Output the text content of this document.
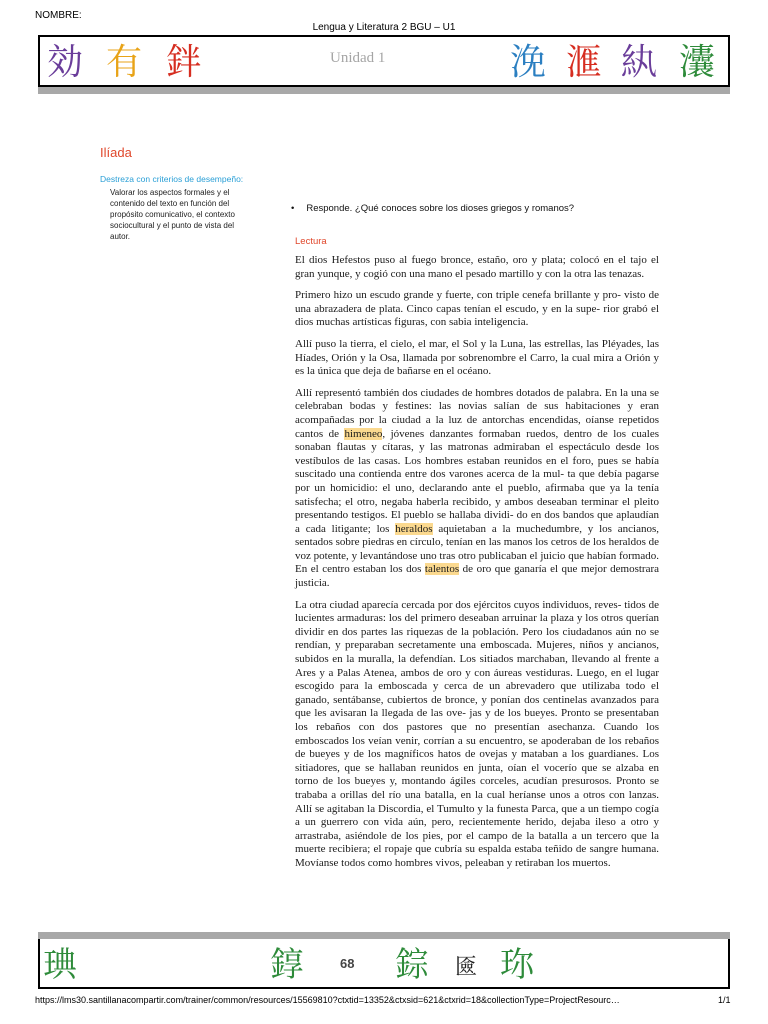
NOMBRE:
Lengua y Literatura 2 BGU – U1
効 有 鉡	Unidad 1	浼 滙 紈 灢
Ilíada
Destreza con criterios de desempeño:
Valorar los aspectos formales y el contenido del texto en función del propósito comunicativo, el contexto sociocultural y el punto de vista del autor.
• Responde. ¿Qué conoces sobre los dioses griegos y romanos?
Lectura

El dios Hefestos puso al fuego bronce, estaño, oro y plata; colocó en el tajo el gran yunque, y cogió con una mano el pesado martillo y con la otra las tenazas.

Primero hizo un escudo grande y fuerte, con triple cenefa brillante y pro- visto de una abrazadera de plata. Cinco capas tenían el escudo, y en la supe- rior grabó el dios muchas artísticas figuras, con sabia inteligencia.

Allí puso la tierra, el cielo, el mar, el Sol y la Luna, las estrellas, las Pléyades, las Híades, Orión y la Osa, llamada por sobrenombre el Carro, la cual mira a Orión y es la única que deja de bañarse en el océano.

Allí representó también dos ciudades de hombres dotados de palabra. En la una se celebraban bodas y festines: las novias salían de sus habitaciones y eran acompañadas por la ciudad a la luz de antorchas encendidas, oíanse repetidos cantos de himeneo, jóvenes danzantes formaban ruedos, dentro de los cuales sonaban flautas y cítaras, y las matronas admiraban el espectáculo desde los vestíbulos de las casas. Los hombres estaban reunidos en el foro, pues se había suscitado una contienda entre dos varones acerca de la mul- ta que debía pagarse por un homicidio: el uno, declarando ante el pueblo, afirmaba que ya la tenía satisfecha; el otro, negaba haberla recibido, y ambos deseaban terminar el pleito presentando testigos. El pueblo se hallaba dividi- do en dos bandos que aplaudían a cada litigante; los heraldos aquietaban a la muchedumbre, y los ancianos, sentados sobre piedras en círculo, tenían en las manos los cetros de los heraldos de voz potente, y levantándose uno tras otro publicaban el juicio que habían formado. En el centro estaban los dos talentos de oro que ganaría el que mejor demostrara justicia.

La otra ciudad aparecía cercada por dos ejércitos cuyos individuos, reves- tidos de lucientes armaduras: los del primero deseaban arruinar la plaza y los otros querían dividir en dos partes las riquezas de la población. Pero los ciudadanos aún no se rendían, y preparaban secretamente una emboscada. Mujeres, niños y ancianos, subidos en la muralla, la defendían. Los sitiados marchaban, llevando al frente a Ares y a Palas Atenea, ambos de oro y con áureas vestiduras. Luego, en el lugar escogido para la emboscada y cerca de un abrevadero que utilizaba todo el ganado, sentábanse, cubiertos de bronce, y ponían dos centinelas avanzados para que les avisaran la llegada de las ove- jas y de los bueyes. Pronto se presentaban los rebaños con dos pastores que no presentían asechanza. Cuando los emboscados los veían venir, corrían a su encuentro, se apoderaban de los rebaños de bueyes y de los magníficos hatos de ovejas y mataban a los guardianes. Los sitiadores, que se hallaban reunidos en junta, oían el vocerío que se alzaba en torno de los bueyes y, montando ágiles corceles, acudían presurosos. Pronto se trababa a orillas del río una batalla, en la cual heríanse unos a otros con lanzas. Allí se agitaban la Discordia, el Tumulto y la funesta Parca, que a un tiempo cogía a un guerrero con vida aún, pero, recientemente herido, dejaba ileso a otro y arrastraba, asiéndole de los pies, por el campo de la batalla a un tercero que la muerte recibiera; el ropaje que cubría su espalda estaba teñido de sangre humana. Movíanse todos como hombres vivos, peleaban y retiraban los muertos.

琠	錞	68 錝 匳 珎
https://lms30.santillanacompartir.com/trainer/common/resources/15569810?ctxtid=13352&ctxsid=621&ctxrid=18&collectionType=ProjectResourc…	1/1
